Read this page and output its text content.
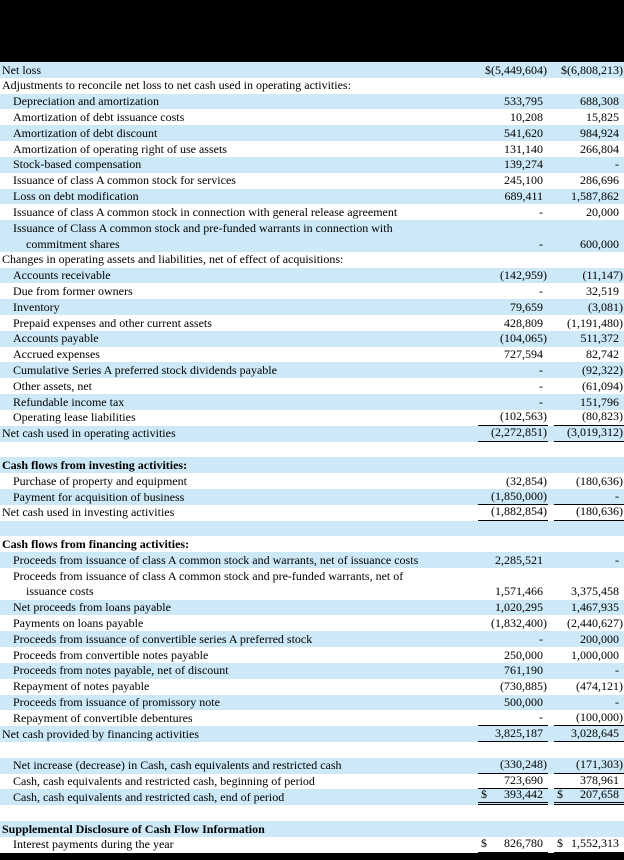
Net loss	$(5,449,604) $(6,808,213)
Adjustments to reconcile net loss to net cash used in operating activities:
Depreciation and amortization	533,795	688,308
Amortization of debt issuance costs	10,208	15,825
Amortization of debt discount	541,620	984,924
Amortization of operating right of use assets	131,140	266,804
Stock-based compensation	139,274	-
Issuance of class A common stock for services	245,100	286,696
Loss on debt modification	689,411	1,587,862
Issuance of class A common stock in connection with general release agreement	-	20,000
Issuance of Class A common stock and pre-funded warrants in connection with
commitment shares	-	600,000
Changes in operating assets and liabilities, net of effect of acquisitions:
Accounts receivable	(142,959)	(11,147)
Due from former owners	-	32,519
Inventory	79,659	(3,081)
Prepaid expenses and other current assets	428,809	(1,191,480)
Accounts payable	(104,065)	511,372
Accrued expenses	727,594	82,742
Cumulative Series A preferred stock dividends payable	-	(92,322)
Other assets, net	-	(61,094)
Refundable income tax	-	151,796
Operating lease liabilities	(102,563)	(80,823)
Net cash used in operating activities	(2,272,851) (3,019,312)
Cash flows from investing activities:
Purchase of property and equipment	(32,854) (180,636)
Payment for acquisition of business	(1,850,000)	-
Net cash used in investing activities	(1,882,854) (180,636)
Cash flows from financing activities:
Proceeds from issuance of class A common stock and warrants, net of issuance costs	2,285,521	-
Proceeds from issuance of class A common stock and pre-funded warrants, net of
issuance costs	1,571,466	3,375,458
Net proceeds from loans payable	1,020,295	1,467,935
Payments on loans payable	(1,832,400) (2,440,627)
Proceeds from issuance of convertible series A preferred stock	-	200,000
Proceeds from convertible notes payable	250,000	1,000,000
Proceeds from notes payable, net of discount	761,190	-
Repayment of notes payable	(730,885) (474,121)
Proceeds from issuance of promissory note	500,000	-
Repayment of convertible debentures	-	(100,000)
Net cash provided by financing activities	3,825,187	3,028,645
Net increase (decrease) in Cash, cash equivalents and restricted cash	(330,248) (171,303)
Cash, cash equivalents and restricted cash, beginning of period	723,690	378,961
Cash, cash equivalents and restricted cash, end of period	$ 393,442	$ 207,658
Supplemental Disclosure of Cash Flow Information
Interest payments during the year	$ 826,780	$ 1,552,313
